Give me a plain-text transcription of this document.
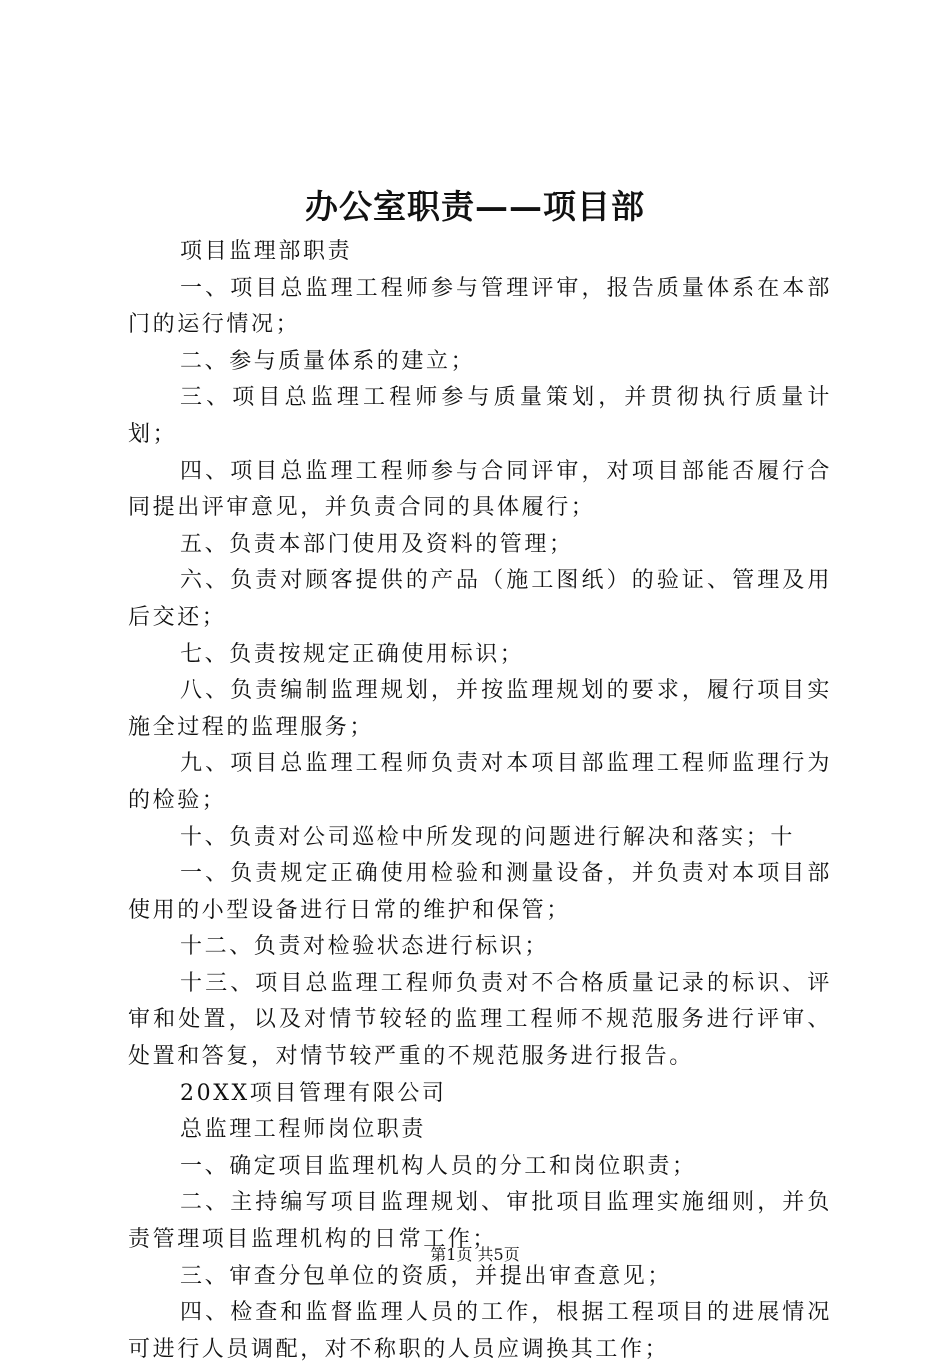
办公室职责——项目部

项目监理部职责

一、项目总监理工程师参与管理评审，报告质量体系在本部门的运行情况；

二、参与质量体系的建立；

三、项目总监理工程师参与质量策划，并贯彻执行质量计划；

四、项目总监理工程师参与合同评审，对项目部能否履行合同提出评审意见，并负责合同的具体履行；

五、负责本部门使用及资料的管理；

六、负责对顾客提供的产品（施工图纸）的验证、管理及用后交还；

七、负责按规定正确使用标识；

八、负责编制监理规划，并按监理规划的要求，履行项目实施全过程的监理服务；

九、项目总监理工程师负责对本项目部监理工程师监理行为的检验；

十、负责对公司巡检中所发现的问题进行解决和落实；十

一、负责规定正确使用检验和测量设备，并负责对本项目部使用的小型设备进行日常的维护和保管；

十二、负责对检验状态进行标识；

十三、项目总监理工程师负责对不合格质量记录的标识、评审和处置，以及对情节较轻的监理工程师不规范服务进行评审、处置和答复，对情节较严重的不规范服务进行报告。

20XX项目管理有限公司

总监理工程师岗位职责

一、确定项目监理机构人员的分工和岗位职责；

二、主持编写项目监理规划、审批项目监理实施细则，并负责管理项目监理机构的日常工作；

三、审查分包单位的资质，并提出审查意见；

四、检查和监督监理人员的工作，根据工程项目的进展情况可进行人员调配，对不称职的人员应调换其工作；

第1页 共5页
